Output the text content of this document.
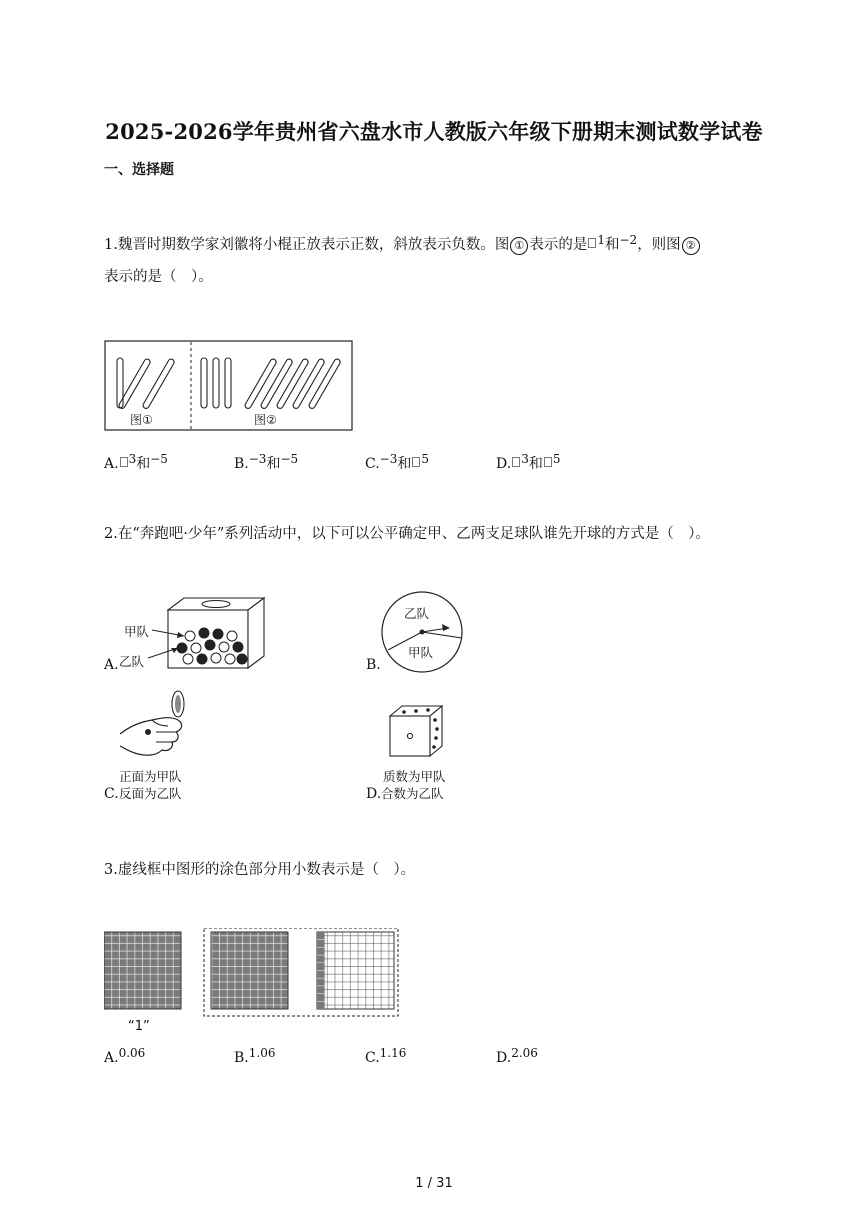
2025-2026学年贵州省六盘水市人教版六年级下册期末测试数学试卷
一、选择题
1.魏晋时期数学家刘徽将小棍正放表示正数，斜放表示负数。图 ① 表示的是 $^1$和$^{-2}$，则图 ②
表示的是（　）。
图①	图②
A. 3和−5	B.−3和−5	C.−3和 5	D. 3和 5
2.在“奔跑吧·少年”系列活动中，以下可以公平确定甲、乙两支足球队谁先开球的方式是（　）。
A.
甲队
乙队	B.
乙队
甲队
正面为甲队
C. 反面为乙队
质数为甲队
D. 合数为乙队
3.虚线框中图形的涂色部分用小数表示是（　）。
“1”
A.0.06	B.1.06	C.1.16	D.2.06
1 / 31
